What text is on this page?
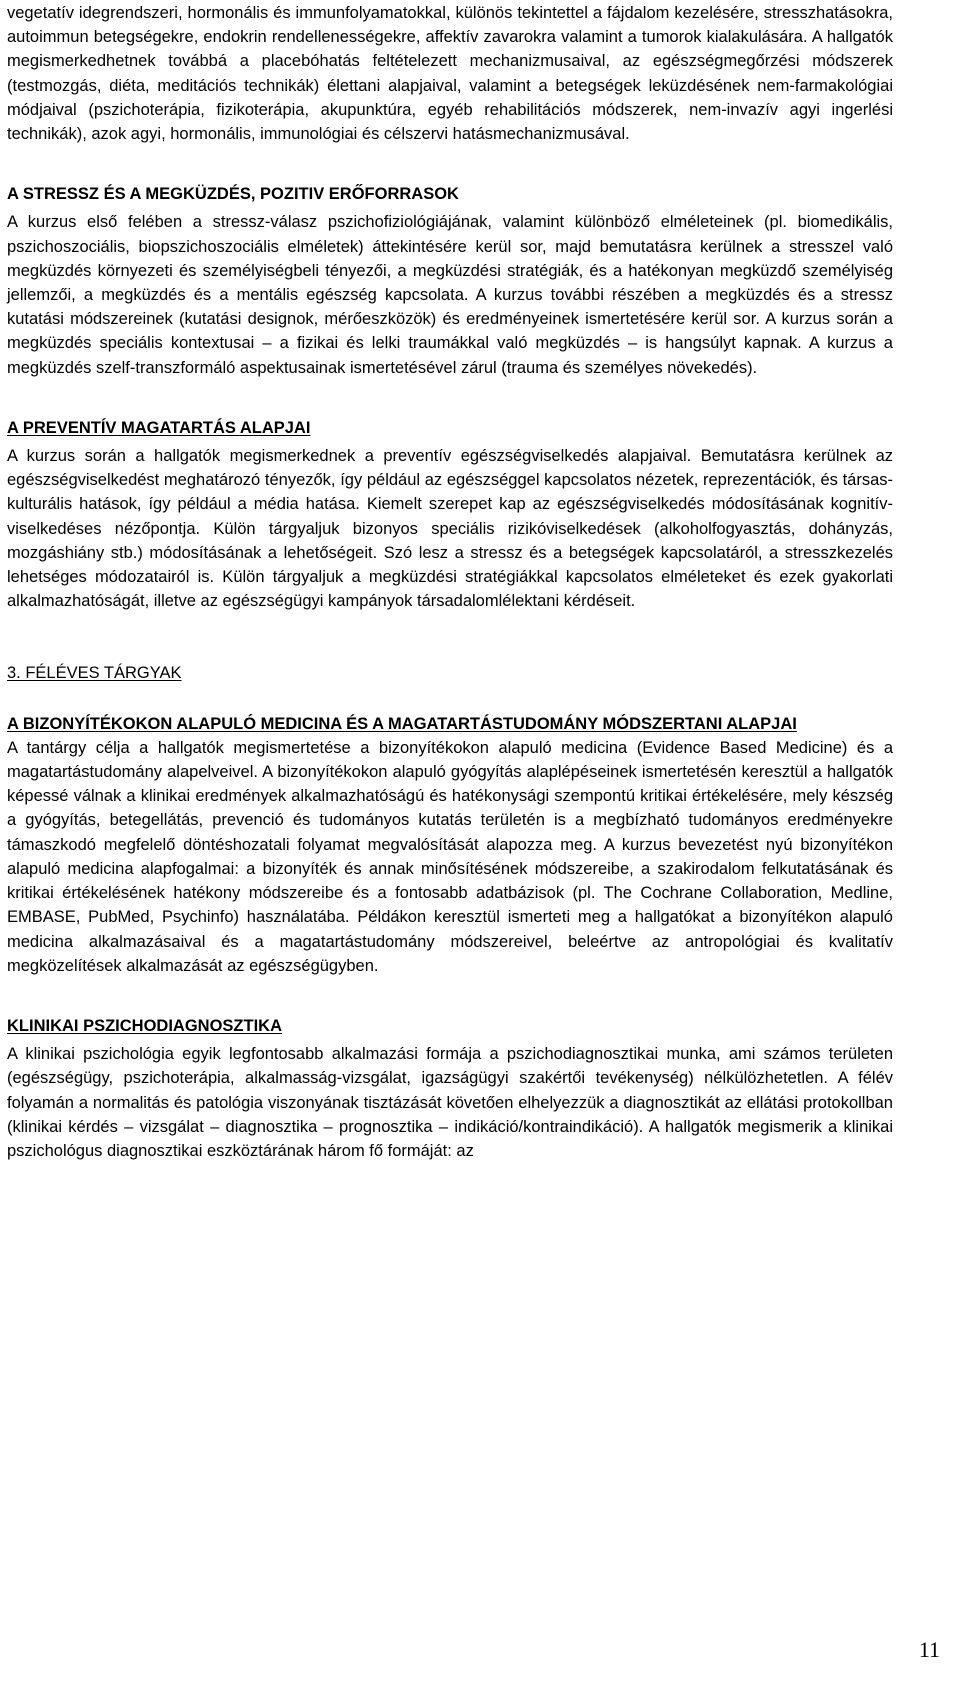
vegetatív idegrendszeri, hormonális és immunfolyamatokkal, különös tekintettel a fájdalom kezelésére, stresszhatásokra, autoimmun betegségekre, endokrin rendellenességekre, affektív zavarokra valamint a tumorok kialakulására. A hallgatók megismerkedhetnek továbbá a placebóhatás feltételezett mechanizmusaival, az egészségmegőrzési módszerek (testmozgás, diéta, meditációs technikák) élettani alapjaival, valamint a betegségek leküzdésének nem-farmakológiai módjaival (pszichoterápia, fizikoterápia, akupunktúra, egyéb rehabilitációs módszerek, nem-invazív agyi ingerlési technikák), azok agyi, hormonális, immunológiai és célszervi hatásmechanizmusával.

A STRESSZ ÉS A MEGKÜZDÉS, POZITIV ERŐFORRASOK

A kurzus első felében a stressz-válasz pszichofiziológiájának, valamint különböző elméleteinek (pl. biomedikális, pszichoszociális, biopszichoszociális elméletek) áttekintésére kerül sor, majd bemutatásra kerülnek a stresszel való megküzdés környezeti és személyiségbeli tényezői, a megküzdési stratégiák, és a hatékonyan megküzdő személyiség jellemzői, a megküzdés és a mentális egészség kapcsolata. A kurzus további részében a megküzdés és a stressz kutatási módszereinek (kutatási designok, mérőeszközök) és eredményeinek ismertetésére kerül sor. A kurzus során a megküzdés speciális kontextusai – a fizikai és lelki traumákkal való megküzdés – is hangsúlyt kapnak. A kurzus a megküzdés szelf-transzformáló aspektusainak ismertetésével zárul (trauma és személyes növekedés).

A PREVENTÍV MAGATARTÁS ALAPJAI

A kurzus során a hallgatók megismerkednek a preventív egészségviselkedés alapjaival. Bemutatásra kerülnek az egészségviselkedést meghatározó tényezők, így például az egészséggel kapcsolatos nézetek, reprezentációk, és társas-kulturális hatások, így például a média hatása. Kiemelt szerepet kap az egészségviselkedés módosításának kognitív-viselkedéses nézőpontja. Külön tárgyaljuk bizonyos speciális rizikóviselkedések (alkoholfogyasztás, dohányzás, mozgáshiány stb.) módosításának a lehetőségeit. Szó lesz a stressz és a betegségek kapcsolatáról, a stresszkezelés lehetséges módozatairól is. Külön tárgyaljuk a megküzdési stratégiákkal kapcsolatos elméleteket és ezek gyakorlati alkalmazhatóságát, illetve az egészségügyi kampányok társadalomlélektani kérdéseit.

3. FÉLÉVES TÁRGYAK

A BIZONYÍTÉKOKON ALAPULÓ MEDICINA ÉS A MAGATARTÁSTUDOMÁNY MÓDSZERTANI ALAPJAI

A tantárgy célja a hallgatók megismertetése a bizonyítékokon alapuló medicina (Evidence Based Medicine) és a magatartástudomány alapelveivel. A bizonyítékokon alapuló gyógyítás alaplépéseinek ismertetésén keresztül a hallgatók képessé válnak a klinikai eredmények alkalmazhatóságú és hatékonysági szempontú kritikai értékelésére, mely készség a gyógyítás, betegellátás, prevenció és tudományos kutatás területén is a megbízható tudományos eredményekre támaszkodó megfelelő döntéshozatali folyamat megvalósítását alapozza meg. A kurzus bevezetést nyú bizonyítékon alapuló medicina alapfogalmai: a bizonyíték és annak minősítésének módszereibe, a szakirodalom felkutatásának és kritikai értékelésének hatékony módszereibe és a fontosabb adatbázisok (pl. The Cochrane Collaboration, Medline, EMBASE, PubMed, Psychinfo) használatába. Példákon keresztül ismerteti meg a hallgatókat a bizonyítékon alapuló medicina alkalmazásaival és a magatartástudomány módszereivel, beleértve az antropológiai és kvalitatív megközelítések alkalmazását az egészségügyben.

KLINIKAI PSZICHODIAGNOSZTIKA

A klinikai pszichológia egyik legfontosabb alkalmazási formája a pszichodiagnosztikai munka, ami számos területen (egészségügy, pszichoterápia, alkalmasság-vizsgálat, igazságügyi szakértői tevékenység) nélkülözhetetlen. A félév folyamán a normalitás és patológia viszonyának tisztázását követően elhelyezzük a diagnosztikát az ellátási protokollban (klinikai kérdés – vizsgálat – diagnosztika – prognosztika – indikáció/kontraindikáció). A hallgatók megismerik a klinikai pszichológus diagnosztikai eszköztárának három fő formáját: az

11
